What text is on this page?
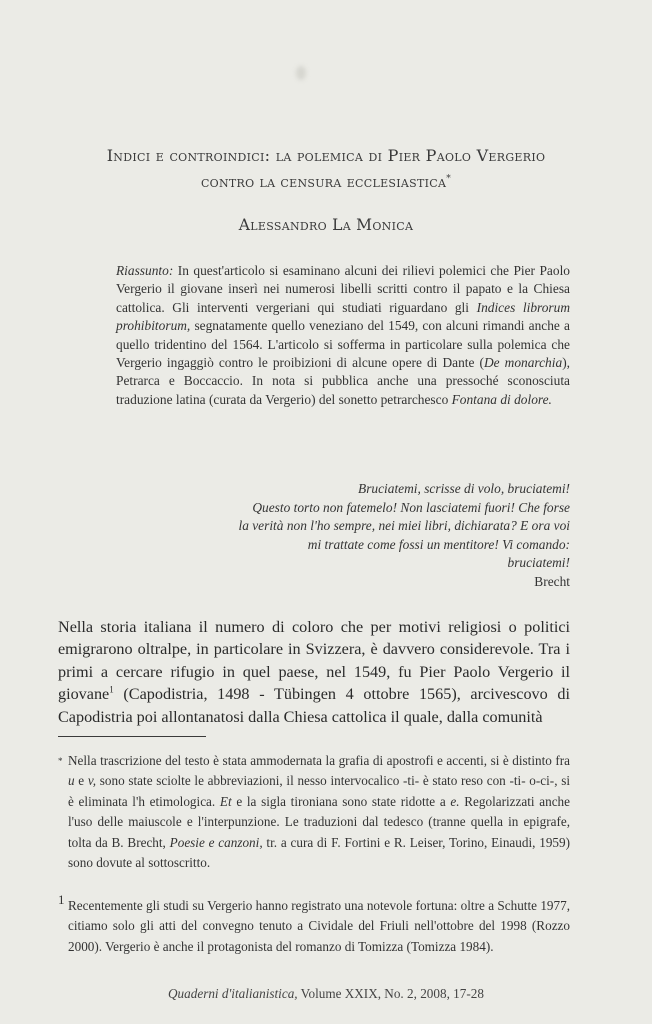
Indici e controindici: la polemica di Pier Paolo Vergerio
contro la censura ecclesiastica*
Alessandro La Monica
Riassunto: In quest'articolo si esaminano alcuni dei rilievi polemici che Pier Paolo Vergerio il giovane inserì nei numerosi libelli scritti contro il papato e la Chiesa cattolica. Gli interventi vergeriani qui studiati riguardano gli Indices librorum prohibitorum, segnatamente quello veneziano del 1549, con alcuni rimandi anche a quello tridentino del 1564. L'articolo si sofferma in particolare sulla polemica che Vergerio ingaggiò contro le proibizioni di alcune opere di Dante (De monarchia), Petrarca e Boccaccio. In nota si pubblica anche una pressoché sconosciuta traduzione latina (curata da Vergerio) del sonetto petrarchesco Fontana di dolore.
Bruciatemi, scrisse di volo, bruciatemi!
Questo torto non fatemelo! Non lasciatemi fuori! Che forse
la verità non l'ho sempre, nei miei libri, dichiarata? E ora voi
mi trattate come fossi un mentitore! Vi comando:
bruciatemi!
Brecht
Nella storia italiana il numero di coloro che per motivi religiosi o politici emigrarono oltralpe, in particolare in Svizzera, è davvero considerevole. Tra i primi a cercare rifugio in quel paese, nel 1549, fu Pier Paolo Vergerio il giovane$^1$ (Capodistria, 1498 - Tübingen 4 ottobre 1565), arcivescovo di Capodistria poi allontanatosi dalla Chiesa cattolica il quale, dalla comunità
* Nella trascrizione del testo è stata ammodernata la grafia di apostrofi e accenti, si è distinto fra u e v, sono state sciolte le abbreviazioni, il nesso intervocalico -ti- è stato reso con -ti- o-ci-, si è eliminata l'h etimologica. Et e la sigla tironiana sono state ridotte a e. Regolarizzati anche l'uso delle maiuscole e l'interpunzione. Le traduzioni dal tedesco (tranne quella in epigrafe, tolta da B. Brecht, Poesie e canzoni, tr. a cura di F. Fortini e R. Leiser, Torino, Einaudi, 1959) sono dovute al sottoscritto.
1 Recentemente gli studi su Vergerio hanno registrato una notevole fortuna: oltre a Schutte 1977, citiamo solo gli atti del convegno tenuto a Cividale del Friuli nell'ottobre del 1998 (Rozzo 2000). Vergerio è anche il protagonista del romanzo di Tomizza (Tomizza 1984).
Quaderni d'italianistica, Volume XXIX, No. 2, 2008, 17-28
